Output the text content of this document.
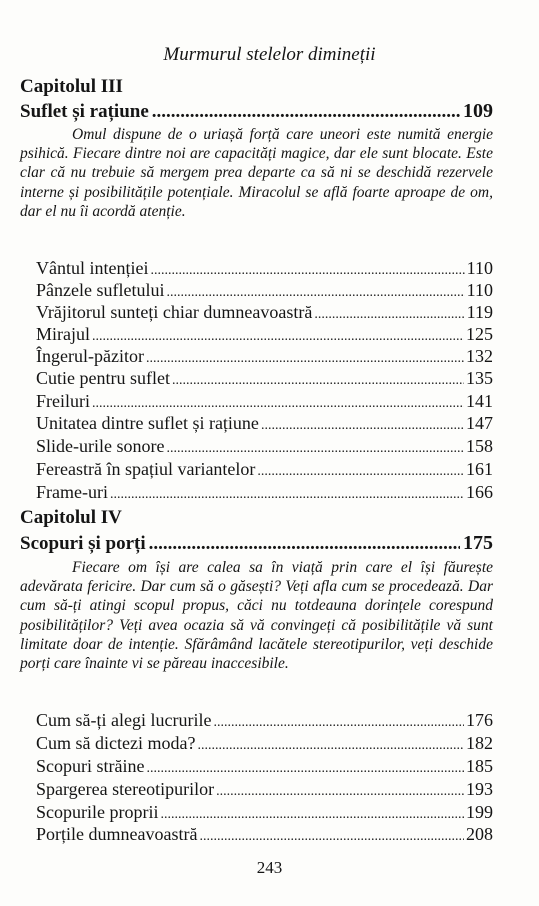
Murmurul stelelor dimineții
Capitolul III
Suflet și rațiune .....	109

Omul dispune de o uriașă forță care uneori este numită energie psihică. Fiecare dintre noi are capacități magice, dar ele sunt blocate. Este clar că nu trebuie să mergem prea departe ca să ni se deschidă rezervele interne și posibilitățile potențiale. Miracolul se află foarte aproape de om, dar el nu îi acordă atenție.

Vântul intenției .....	110
Pânzele sufletului .....	110
Vrăjitorul sunteți chiar dumneavoastră .....	119
Mirajul .....	125
Îngerul-păzitor .....	132
Cutie pentru suflet .....	135
Freiluri .....	141
Unitatea dintre suflet și rațiune .....	147
Slide-urile sonore .....	158
Fereastră în spațiul variantelor .....	161
Frame-uri .....	166
Capitolul IV
Scopuri și porți .....	175

Fiecare om își are calea sa în viață prin care el își făurește adevărata fericire. Dar cum să o găsești? Veți afla cum se procedează. Dar cum să-ți atingi scopul propus, căci nu totdeauna dorințele corespund posibilităților? Veți avea ocazia să vă convingeți că posibilitățile vă sunt limitate doar de intenție. Sfărâmând lacătele stereotipurilor, veți deschide porți care înainte vi se păreau inaccesibile.

Cum să-ți alegi lucrurile .....	176
Cum să dictezi moda? .....	182
Scopuri străine .....	185
Spargerea stereotipurilor .....	193
Scopurile proprii .....	199
Porțile dumneavoastră .....	208
243
